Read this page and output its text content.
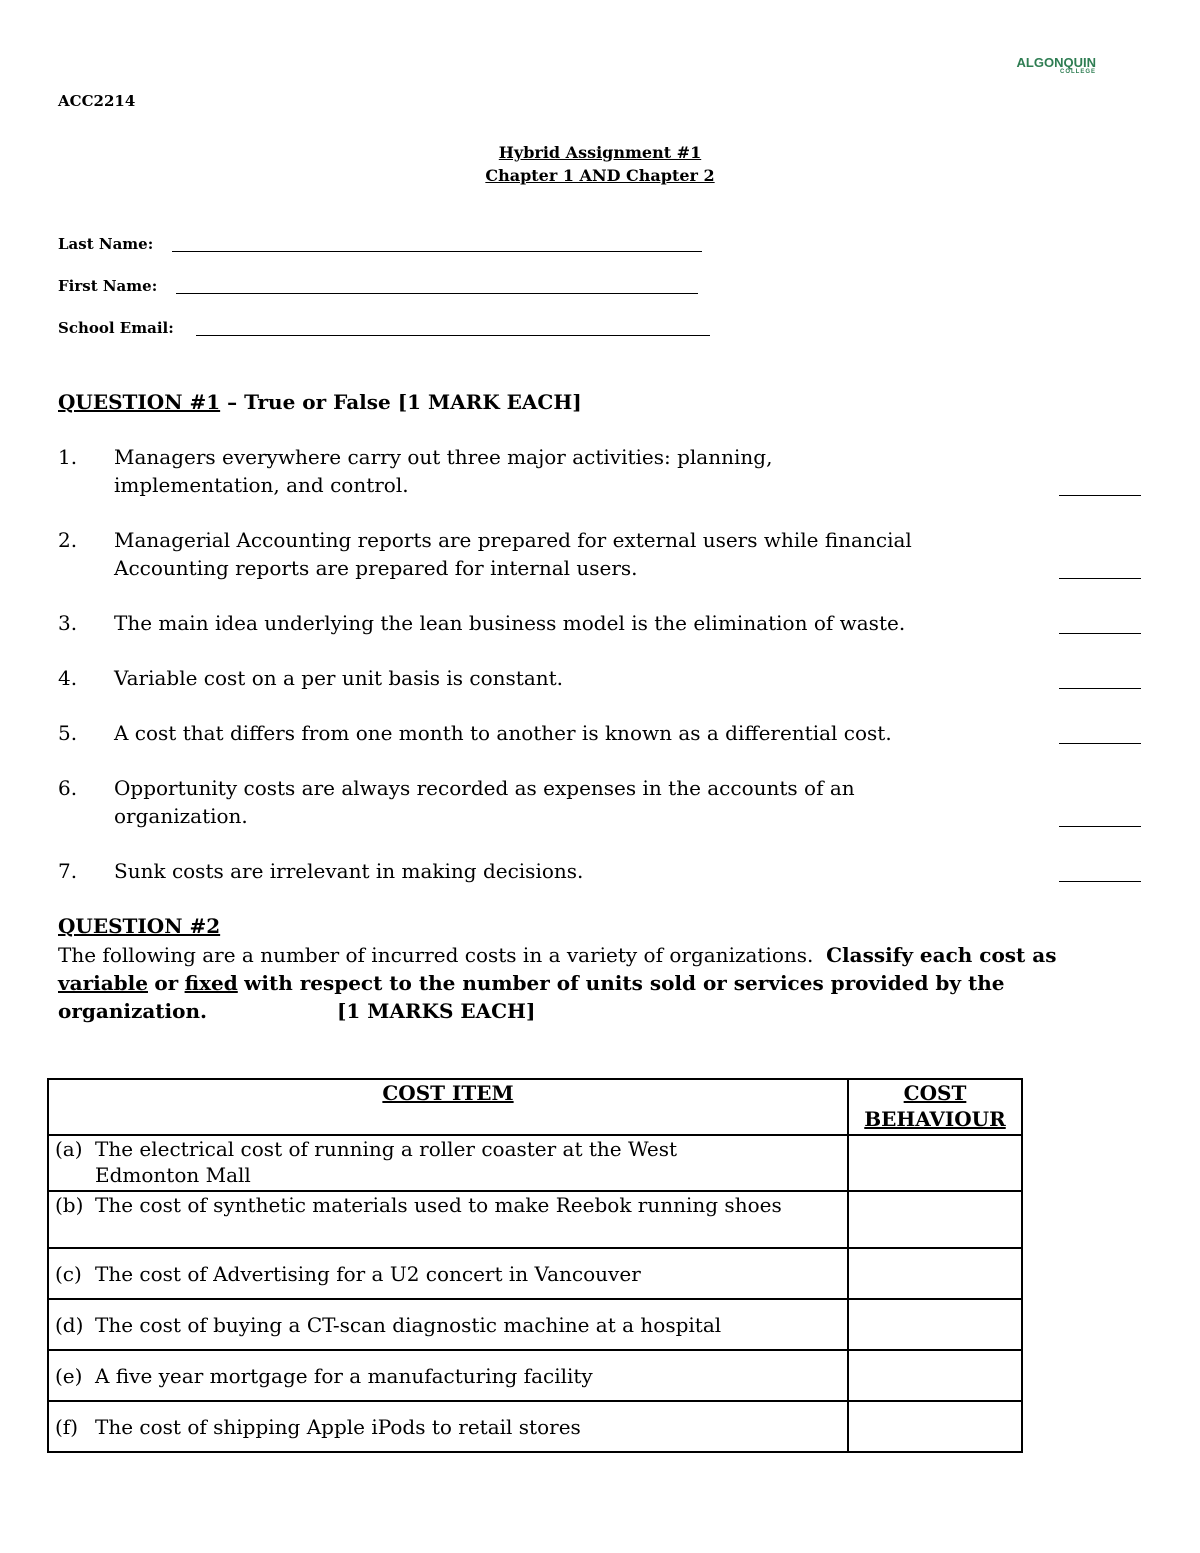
ALGONQUIN
COLLEGE
ACC2214
Hybrid Assignment #1
Chapter 1 AND Chapter 2
Last Name:
First Name:
School Email:
QUESTION #1 – True or False [1 MARK EACH]
1. Managers everywhere carry out three major activities: planning, implementation, and control.
2. Managerial Accounting reports are prepared for external users while financial Accounting reports are prepared for internal users.
3. The main idea underlying the lean business model is the elimination of waste.
4. Variable cost on a per unit basis is constant.
5. A cost that differs from one month to another is known as a differential cost.
6. Opportunity costs are always recorded as expenses in the accounts of an organization.
7. Sunk costs are irrelevant in making decisions.
QUESTION #2
The following are a number of incurred costs in a variety of organizations. Classify each cost as variable or fixed with respect to the number of units sold or services provided by the organization.	[1 MARKS EACH]
COST ITEM	COST BEHAVIOUR

(a) The electrical cost of running a roller coaster at the West Edmonton Mall	

(b) The cost of synthetic materials used to make Reebok running shoes	

(c) The cost of Advertising for a U2 concert in Vancouver	

(d) The cost of buying a CT-scan diagnostic machine at a hospital	

(e) A five year mortgage for a manufacturing facility	

(f) The cost of shipping Apple iPods to retail stores	
